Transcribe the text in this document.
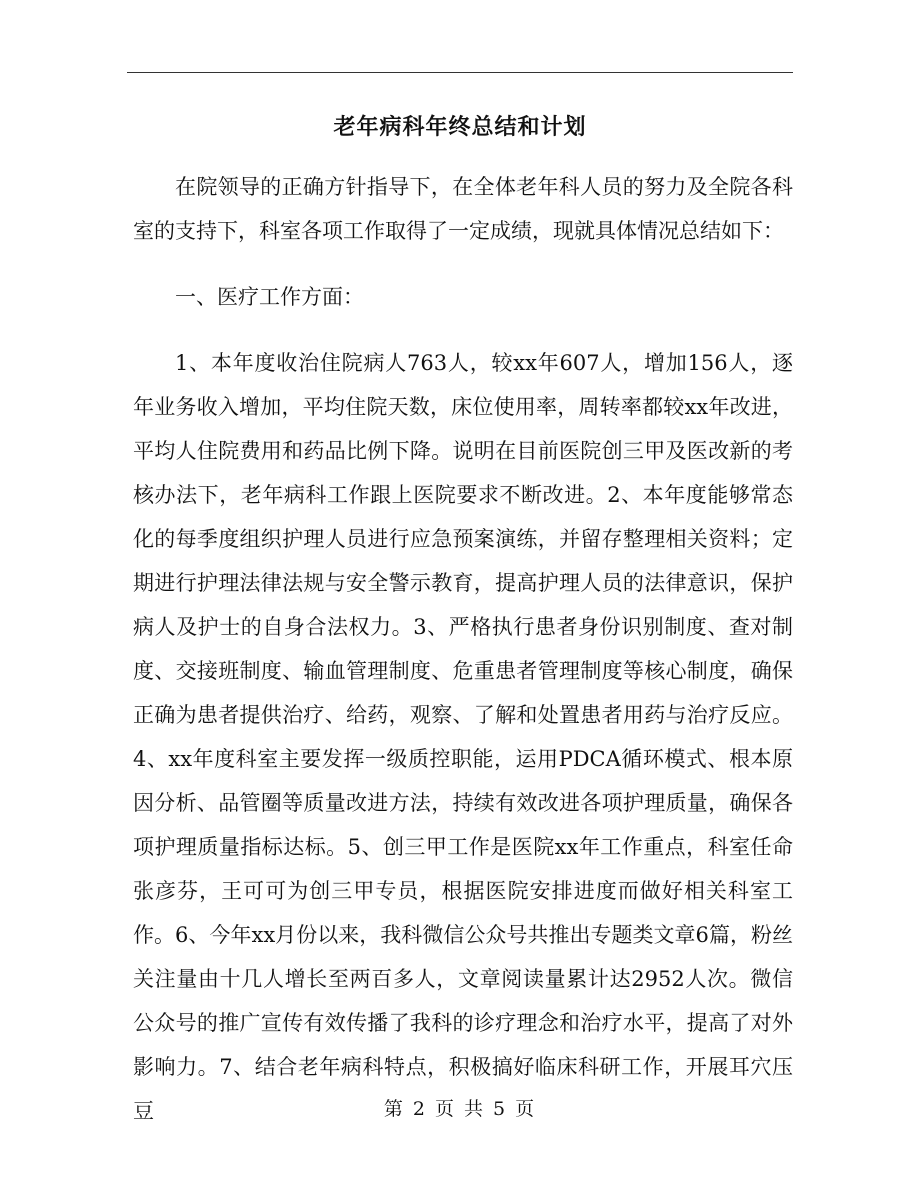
老年病科年终总结和计划

在院领导的正确方针指导下，在全体老年科人员的努力及全院各科室的支持下，科室各项工作取得了一定成绩，现就具体情况总结如下：

一、医疗工作方面：

1、本年度收治住院病人763人，较xx年607人，增加156人，逐年业务收入增加，平均住院天数，床位使用率，周转率都较xx年改进，平均人住院费用和药品比例下降。说明在目前医院创三甲及医改新的考核办法下，老年病科工作跟上医院要求不断改进。2、本年度能够常态化的每季度组织护理人员进行应急预案演练，并留存整理相关资料；定期进行护理法律法规与安全警示教育，提高护理人员的法律意识，保护病人及护士的自身合法权力。3、严格执行患者身份识别制度、查对制度、交接班制度、输血管理制度、危重患者管理制度等核心制度，确保正确为患者提供治疗、给药，观察、了解和处置患者用药与治疗反应。4、xx年度科室主要发挥一级质控职能，运用PDCA循环模式、根本原因分析、品管圈等质量改进方法，持续有效改进各项护理质量，确保各项护理质量指标达标。5、创三甲工作是医院xx年工作重点，科室任命张彦芬，王可可为创三甲专员，根据医院安排进度而做好相关科室工作。6、今年xx月份以来，我科微信公众号共推出专题类文章6篇，粉丝关注量由十几人增长至两百多人，文章阅读量累计达2952人次。微信公众号的推广宣传有效传播了我科的诊疗理念和治疗水平，提高了对外影响力。7、结合老年病科特点，积极搞好临床科研工作，开展耳穴压豆	第 2 页 共 5 页
